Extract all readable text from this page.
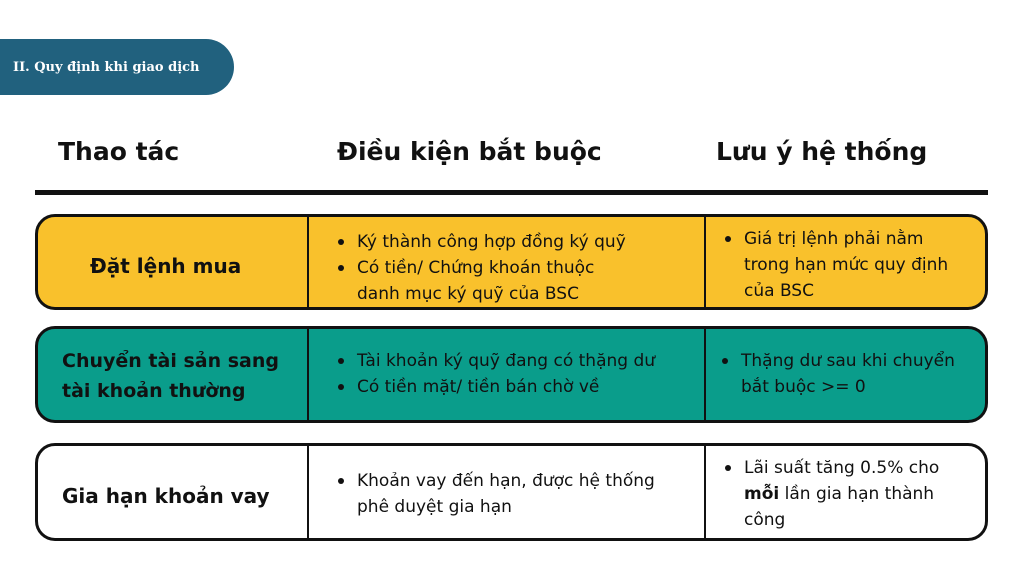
II. Quy định khi giao dịch
Thao tác	Điều kiện bắt buộc	Lưu ý hệ thống
Đặt lệnh mua
Ký thành công hợp đồng ký quỹ
Có tiền/ Chứng khoán thuộc
danh mục ký quỹ của BSC
Giá trị lệnh phải nằm
trong hạn mức quy định
của BSC
Chuyển tài sản sang
tài khoản thường
Tài khoản ký quỹ đang có thặng dư
Có tiền mặt/ tiền bán chờ về
Thặng dư sau khi chuyển
bắt buộc >= 0
Gia hạn khoản vay
Khoản vay đến hạn, được hệ thống
phê duyệt gia hạn
Lãi suất tăng 0.5% cho
mỗi lần gia hạn thành
công
